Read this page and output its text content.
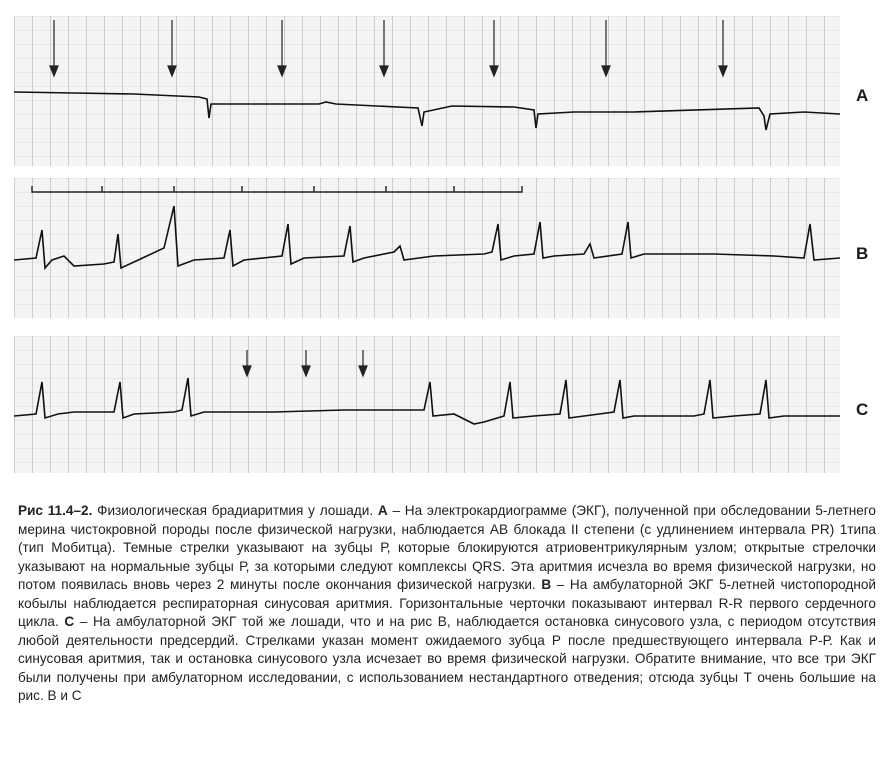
A
B
C

Рис 11.4–2. Физиологическая брадиаритмия у лошади. А – На электрокардиограмме (ЭКГ), полученной при обследовании 5-летнего мерина чистокровной породы после физической нагрузки, наблюдается АВ блокада II степени (с удлинением интервала PR) 1типа (тип Мобитца). Темные стрелки указывают на зубцы Р, которые блокируются атриовентрикулярным узлом; открытые стрелочки указывают на нормальные зубцы Р, за которыми следуют комплексы QRS. Эта аритмия исчезла во время физической нагрузки, но потом появилась вновь через 2 минуты после окончания физической нагрузки. В – На амбулаторной ЭКГ 5-летней чистопородной кобылы наблюдается респираторная синусовая аритмия. Горизонтальные черточки показывают интервал R-R первого сердечного цикла. С – На амбулаторной ЭКГ той же лошади, что и на рис В, наблюдается остановка синусового узла, с периодом отсутствия любой деятельности предсердий. Стрелками указан момент ожидаемого зубца Р после предшествующего интервала Р-Р. Как и синусовая аритмия, так и остановка синусового узла исчезает во время физической нагрузки. Обратите внимание, что все три ЭКГ были получены при амбулаторном исследовании, с использованием нестандартного отведения; отсюда зубцы Т очень большие на рис. В и С
